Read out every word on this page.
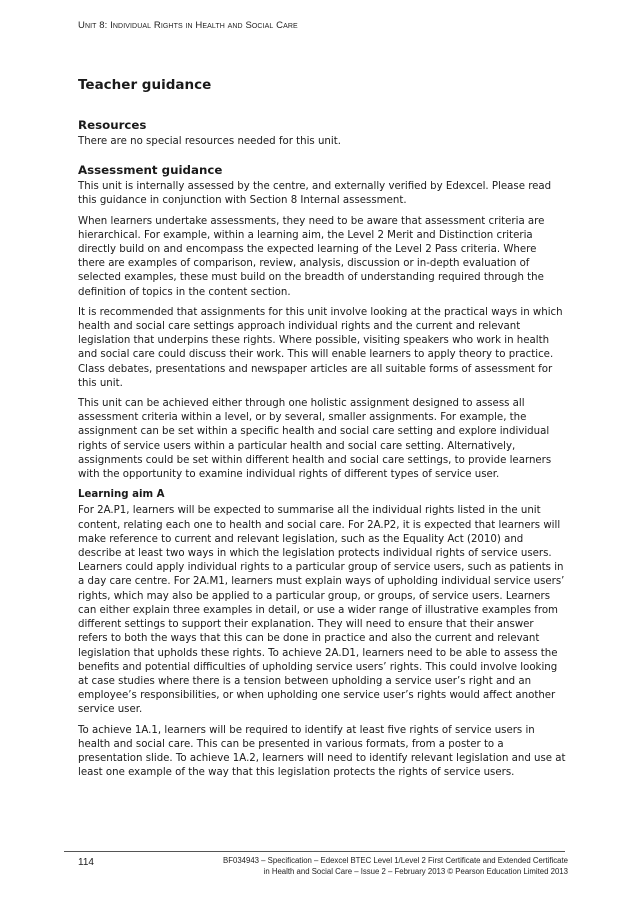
Unit 8: Individual Rights in Health and Social Care
Teacher guidance
Resources

There are no special resources needed for this unit.

Assessment guidance

This unit is internally assessed by the centre, and externally verified by Edexcel. Please read this guidance in conjunction with Section 8 Internal assessment.

When learners undertake assessments, they need to be aware that assessment criteria are hierarchical. For example, within a learning aim, the Level 2 Merit and Distinction criteria directly build on and encompass the expected learning of the Level 2 Pass criteria. Where there are examples of comparison, review, analysis, discussion or in-depth evaluation of selected examples, these must build on the breadth of understanding required through the definition of topics in the content section.

It is recommended that assignments for this unit involve looking at the practical ways in which health and social care settings approach individual rights and the current and relevant legislation that underpins these rights. Where possible, visiting speakers who work in health and social care could discuss their work. This will enable learners to apply theory to practice. Class debates, presentations and newspaper articles are all suitable forms of assessment for this unit.

This unit can be achieved either through one holistic assignment designed to assess all assessment criteria within a level, or by several, smaller assignments. For example, the assignment can be set within a specific health and social care setting and explore individual rights of service users within a particular health and social care setting. Alternatively, assignments could be set within different health and social care settings, to provide learners with the opportunity to examine individual rights of different types of service user.

Learning aim A

For 2A.P1, learners will be expected to summarise all the individual rights listed in the unit content, relating each one to health and social care. For 2A.P2, it is expected that learners will make reference to current and relevant legislation, such as the Equality Act (2010) and describe at least two ways in which the legislation protects individual rights of service users. Learners could apply individual rights to a particular group of service users, such as patients in a day care centre. For 2A.M1, learners must explain ways of upholding individual service users’ rights, which may also be applied to a particular group, or groups, of service users. Learners can either explain three examples in detail, or use a wider range of illustrative examples from different settings to support their explanation. They will need to ensure that their answer refers to both the ways that this can be done in practice and also the current and relevant legislation that upholds these rights. To achieve 2A.D1, learners need to be able to assess the benefits and potential difficulties of upholding service users’ rights. This could involve looking at case studies where there is a tension between upholding a service user’s right and an employee’s responsibilities, or when upholding one service user’s rights would affect another service user.

To achieve 1A.1, learners will be required to identify at least five rights of service users in health and social care. This can be presented in various formats, from a poster to a presentation slide. To achieve 1A.2, learners will need to identify relevant legislation and use at least one example of the way that this legislation protects the rights of service users.

114	BF034943 – Specification – Edexcel BTEC Level 1/Level 2 First Certificate and Extended Certificate
in Health and Social Care – Issue 2 – February 2013 © Pearson Education Limited 2013
